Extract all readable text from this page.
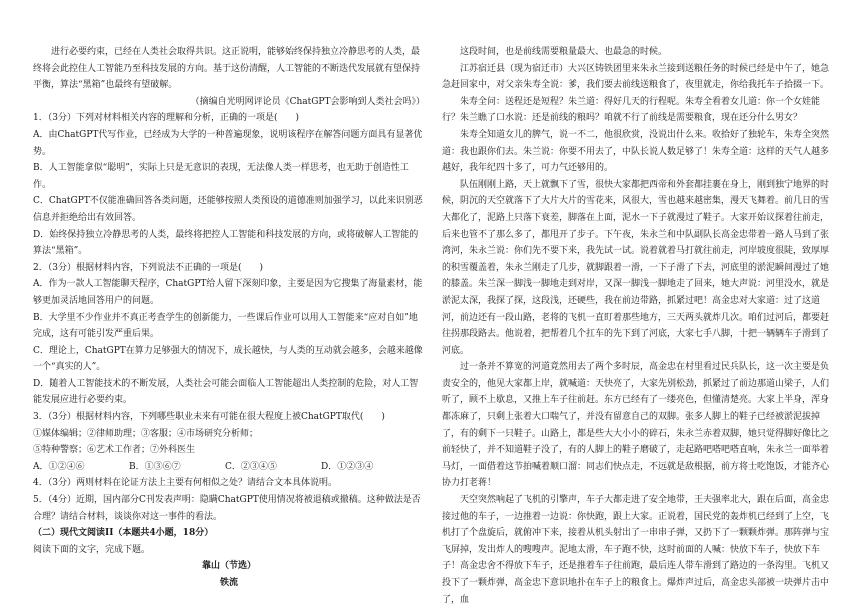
进行必要约束，已经在人类社会取得共识。这正说明，能够始终保持独立冷静思考的人类，最终将会此控住人工智能乃至科技发展的方向。基于这份清醒，人工智能的不断迭代发展就有望保持平衡，算法“黑箱”也最终有望破解。

（摘编自光明网评论员《ChatGPT会影响到人类社会吗》）

1．（3分）下列对材料相关内容的理解和分析，正确的一项是(　　)

A．由ChatGPT代写作业，已经成为大学的一种普遍现象，说明该程序在解答问题方面具有显著优势。

B．人工智能拿似“聪明”，实际上只是无意识的表现，无法像人类一样思考，也无助于创造性工作。

C．ChatGPT不仅能准确回答各类问题，还能够按照人类预设的道德准则加强学习，以此来识别恶信息并拒绝给出有效回答。

D．始终保持独立冷静思考的人类，最终将把控人工智能和科技发展的方向，或将破解人工智能的算法“黑箱”。

2．（3分）根据材料内容，下列说法不正确的一项是(　　)

A．作为一款人工智能聊天程序，ChatGPT给人留下深刻印象，主要是因为它搜集了海量素材，能够更加灵活地回答用户的问题。

B．大学里不少作业并不真正考查学生的创新能力，一些课后作业可以用人工智能来“应对自如”地完成，这有可能引发严重后果。

C．理论上，ChatGPT在算力足够强大的情况下，成长越快，与人类的互动就会越多，会越来越像一个“真实的人”。

D．随着人工智能技术的不断发展，人类社会可能会面临人工智能超出人类控制的危险，对人工智能发展应进行必要约束。

3．（3分）根据材料内容，下列哪些职业未来有可能在很大程度上被ChatGPT取代(　　)

①媒体编辑；②律师助理；③客服；④市场研究分析师；

⑤特种警察；⑥艺术工作者；⑦外科医生

A．①②④⑥	B．①③⑥⑦	C．②③④⑤	D．①②③④

4．（3分）两则材料在论证方法上主要有何相似之处？请结合文本具体说明。

5．（4分）近期，国内部分C刊发表声明：隐瞒ChatGPT使用情况将被退稿或撤稿。这种做法是否合理？请结合材料，谈谈你对这一事件的看法。

（二）现代文阅读II（本题共4小题，18分）

阅读下面的文字，完成下题。

靠山（节选）

铁流

这段时间，也是前线需要粮量最大、也最急的时候。

江苏宿迁县（现为宿迁市）大兴区铸铁团里来朱永兰接到送粮任务的时候已经是中午了，她急急赶回家中，对父亲朱寿全说：爹，我们要去前线送粮食了，夜里就走，你给我托车子拾掇一下。

朱寿全问：送程还是短程？朱兰道：得好几天的行程呢。朱寿全看着女儿道：你一个女娃能行？朱兰瞧了口水说：还是前线的粮吗？咱就不行了前线是需要粮食，现在还分什么男女？

朱寿全知道女儿的脾气，说一不二，他很欣赏，没说出什么来。收拾好了独轮车，朱寿全突然道：我也跟你们去。朱兰说：你要不用去了，中队长说人数足够了！朱寿全道：这样的天气人越多越好，我年纪四十多了，可力气还够用的。

队伍刚刚上路，天上就飘下了雪，很快大家都把西帝和外套都挂裹在身上，刚到独宁地界的时候，阴沉的天空就落下了大片大片的雪花来，风很大，雪也越来越密集，漫天飞舞着。前几日的雪大都化了，泥路上只落下衰差，脚落在上面，泥水一下子就漫过了鞋子。大家开始议探着往前走，后来也管不了那么多了，都甩开了步子。下午夜，朱永兰和中队副队长高金忠带着一路人马到了张湾河，朱永兰说：你们先不要下来，我先试一试。说着就着马打就往前走，河岸坡度很陡，致厚厚的积雪覆盖着，朱永兰刚走了几步，就脚跟着一滑，一下子滑了下去，河底里的淤泥瞬间漫过了她的膝盖。朱兰深一脚浅一脚地走到对岸，又深一脚浅一脚地走了回来，她大声说：河里没水，就是淤泥太深，我探了探，这段浅，还硬些，我在前边带路，抓紧过吧！高金忠对大家道：过了这道河，前边还有一段山路，老将的飞机一直盯着那些地方，三天两头就炸几次。咱们过河后，都要赶往拐那段路去。他说着，把帮着几个扛车的先下到了河底，大家七手八脚，十把一辆辆车子滑到了河底。

过一条并不算宽的河道竟然用去了两个多时辰，高金忠在村里看过民兵队长，这一次主要是负责安全的，他见大家都上岸，就喊道：天快亮了，大家先别松劲，抓紧过了前边那道山梁子，人们听了，顾不上歇息，又推上车子往前赶。东方已经有了一缕亮色，但懂清楚亮。大家上半身，浑身都冻麻了，只剩上张着大口喘气了，并没有留意自己的双脚。张多人脚上的鞋子已经被淤泥拔掉了，有的剩下一只鞋子。山路上，都是些大大小小的碎石，朱永兰赤着双脚，她只觉得脚好像比之前轻快了，并不知道鞋子没了，有的人脚上的鞋子磨破了，走起路吧嗒吧嗒直响，朱永兰一面举着马灯，一面借着这节拍喊着顺口溜：同志们快点走，不远就是敌根据，前方将士吃饱饭，才能齐心协力打老蒋！

天空突然响起了飞机的引擎声，车子大都走进了安全地带，王夫强率北大，跟在后面，高金忠接过他的车子，一边推着一边说：你快跑，跟上大家。正说着，国民党的轰炸机已经到了上空，飞机打了个盘旋后，就俯冲下来，接着从机头射出了一串串子弹，又扔下了一颗颗炸弹。那阵弹与宝飞屏掉，发出炸人的嗖嗖声。泥地太滑，车子跑不快，这时前面的人喊：快放下车子，快放下车子！高金忠舍不得放下车子，还是推着车子往前跑，最后连人带车滑到了路边的一条沟里。飞机又投下了一颗炸弹，高金忠下意识地扑在车子上的粮食上。爆炸声过后，高金忠头部被一块弹片击中了，血
